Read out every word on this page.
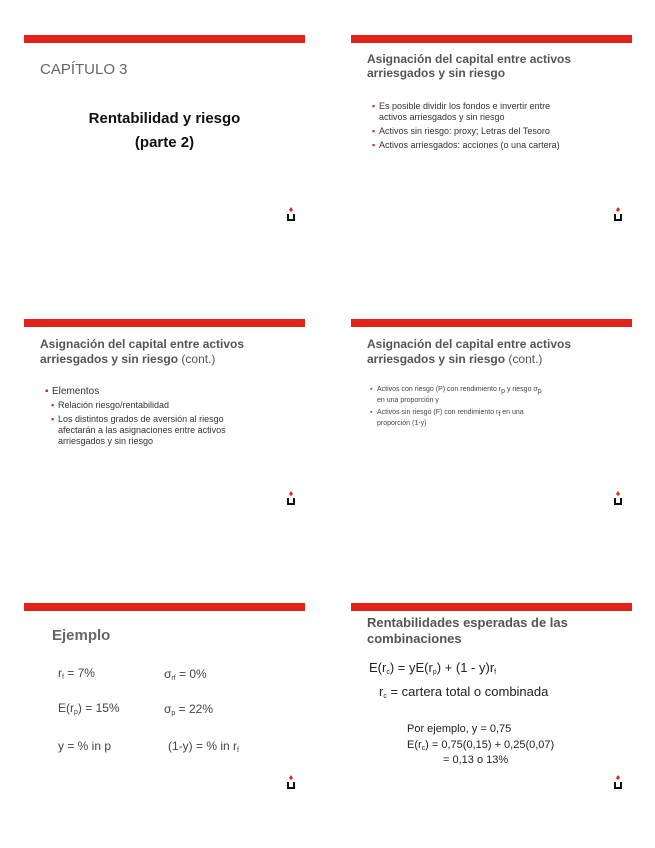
CAPÍTULO 3

Rentabilidad y riesgo

(parte 2)

Asignación del capital entre activos

arriesgados y sin riesgo

▪ Es posible dividir los fondos e invertir entre
activos arriesgados y sin riesgo
▪ Activos sin riesgo: proxy; Letras del Tesoro
▪ Activos arriesgados: acciones (o una cartera)

Asignación del capital entre activos

arriesgados y sin riesgo (cont.)

▪ Elementos
▪ Relación riesgo/rentabilidad
▪ Los distintos grados de aversión al riesgo
afectarán a las asignaciones entre activos
arriesgados y sin riesgo

Asignación del capital entre activos

arriesgados y sin riesgo (cont.)

▪ Activos con riesgo (P) con rendimiento $r_p$ y riesgo $\sigma_p$
en una proporción y
▪ Activos sin riesgo (F) con rendimiento $r_f$ en una
proporción (1-y)

Ejemplo

$r_f = 7\%$	$\sigma_{rf} = 0\%$

$E(r_p) = 15\%$	$\sigma_p = 22\%$

y = % in p	(1-y) = % in $r_f$

Rentabilidades esperadas de las

combinaciones

$E(r_c) = yE(r_p) + (1 - y)r_f$

$r_c$ = cartera total o combinada

Por ejemplo, y = 0,75

$E(r_c) = 0,75(0,15) + 0,25(0,07)$

= 0,13 o 13%
